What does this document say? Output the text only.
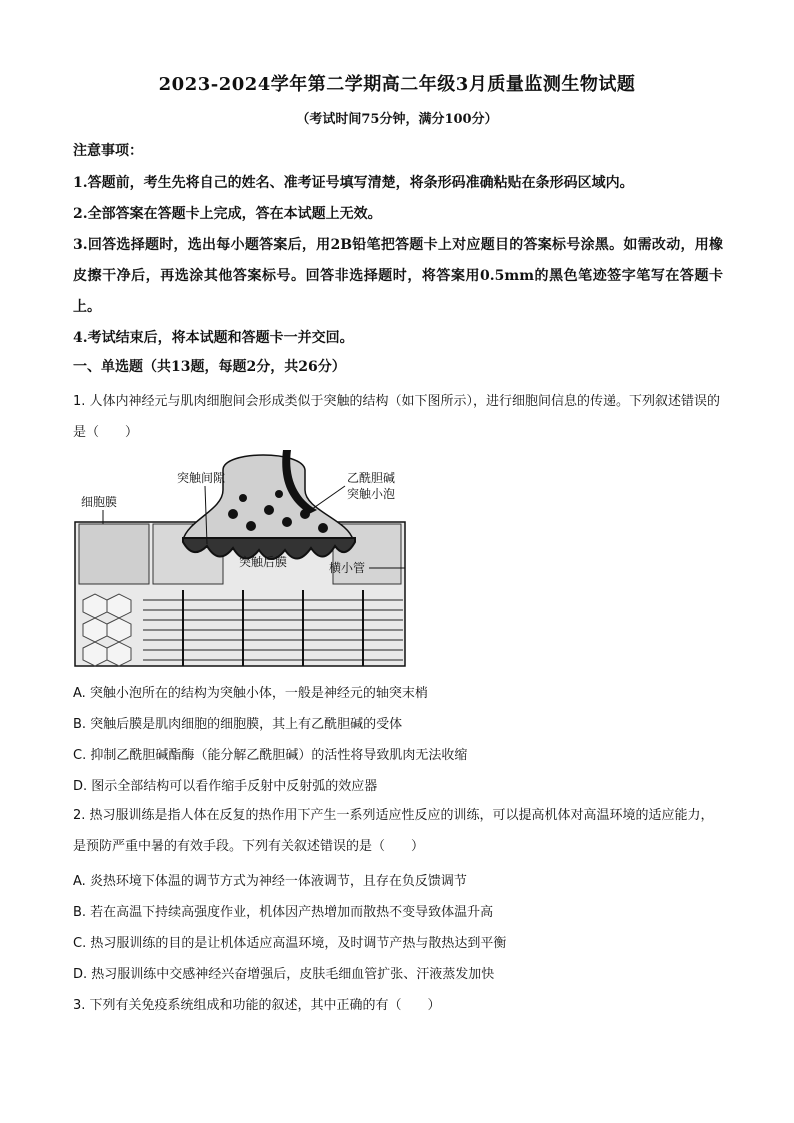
2023-2024学年第二学期高二年级3月质量监测生物试题
（考试时间75分钟，满分100分）
注意事项：
1.答题前，考生先将自己的姓名、准考证号填写清楚，将条形码准确粘贴在条形码区域内。
2.全部答案在答题卡上完成，答在本试题上无效。
3.回答选择题时，选出每小题答案后，用2B铅笔把答题卡上对应题目的答案标号涂黑。如需改动，用橡皮擦干净后，再选涂其他答案标号。回答非选择题时，将答案用0.5mm的黑色笔迹签字笔写在答题卡上。
4.考试结束后，将本试题和答题卡一并交回。
一、单选题（共13题，每题2分，共26分）
1. 人体内神经元与肌肉细胞间会形成类似于突触的结构（如下图所示），进行细胞间信息的传递。下列叙述错误的是（　　）
细胞膜
突触间隙	乙酰胆碱
突触小泡
横小管
突触后膜
A. 突触小泡所在的结构为突触小体，一般是神经元的轴突末梢
B. 突触后膜是肌肉细胞的细胞膜，其上有乙酰胆碱的受体
C. 抑制乙酰胆碱酯酶（能分解乙酰胆碱）的活性将导致肌肉无法收缩
D. 图示全部结构可以看作缩手反射中反射弧的效应器
2. 热习服训练是指人体在反复的热作用下产生一系列适应性反应的训练，可以提高机体对高温环境的适应能力，是预防严重中暑的有效手段。下列有关叙述错误的是（　　）
A. 炎热环境下体温的调节方式为神经一体液调节，且存在负反馈调节
B. 若在高温下持续高强度作业，机体因产热增加而散热不变导致体温升高
C. 热习服训练的目的是让机体适应高温环境，及时调节产热与散热达到平衡
D. 热习服训练中交感神经兴奋增强后，皮肤毛细血管扩张、汗液蒸发加快
3. 下列有关免疫系统组成和功能的叙述，其中正确的有（　　）
